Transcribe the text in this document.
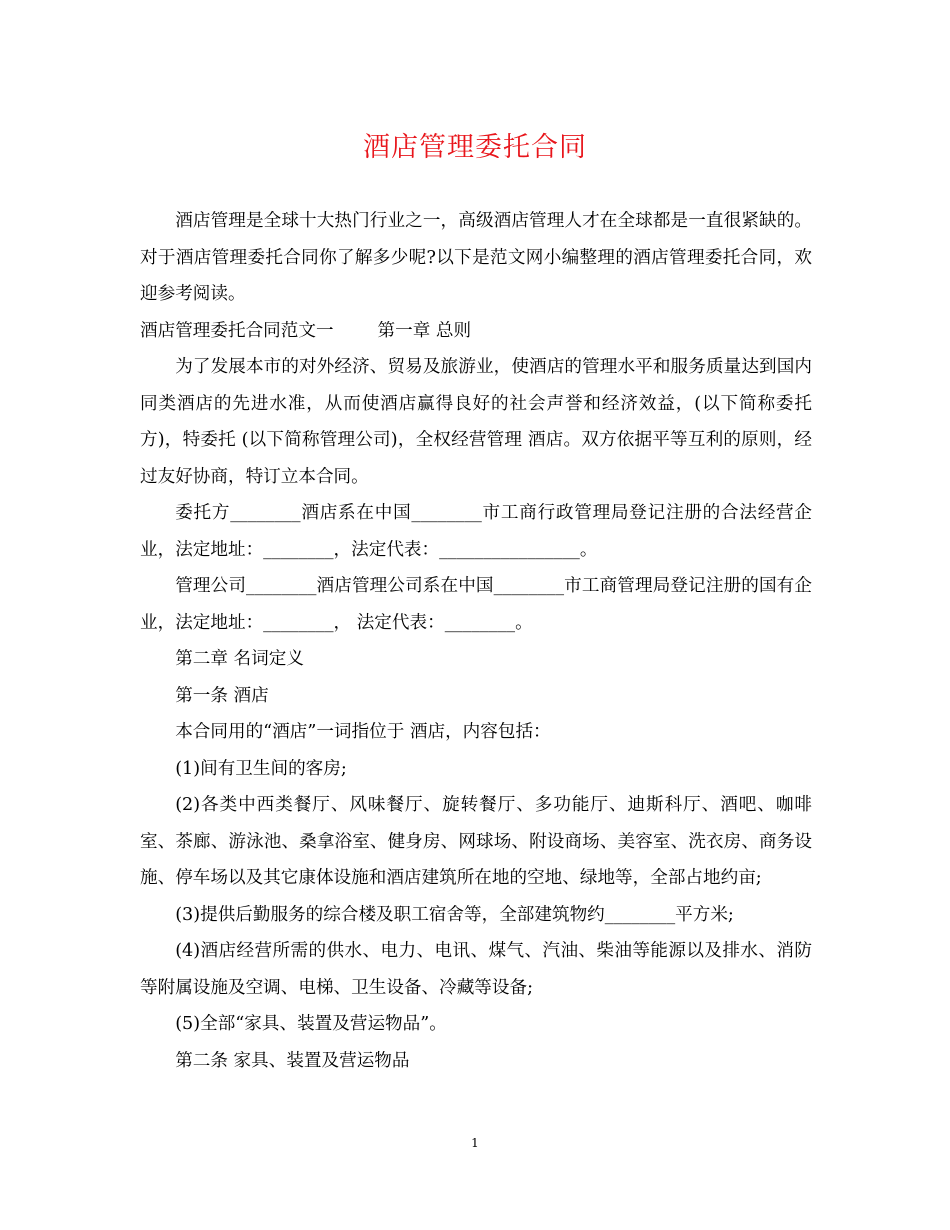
酒店管理委托合同

酒店管理是全球十大热门行业之一，高级酒店管理人才在全球都是一直很紧缺的。对于酒店管理委托合同你了解多少呢?以下是范文网小编整理的酒店管理委托合同，欢迎参考阅读。

酒店管理委托合同范文一	第一章 总则

为了发展本市的对外经济、贸易及旅游业，使酒店的管理水平和服务质量达到国内同类酒店的先进水准，从而使酒店赢得良好的社会声誉和经济效益，(以下简称委托方)，特委托 (以下简称管理公司)，全权经营管理 酒店。双方依据平等互利的原则，经过友好协商，特订立本合同。

委托方________酒店系在中国________市工商行政管理局登记注册的合法经营企业，法定地址：________，法定代表：________________。

管理公司________酒店管理公司系在中国________市工商管理局登记注册的国有企业，法定地址：________， 法定代表：________。

第二章 名词定义

第一条 酒店

本合同用的“酒店”一词指位于 酒店，内容包括：

(1)间有卫生间的客房;

(2)各类中西类餐厅、风味餐厅、旋转餐厅、多功能厅、迪斯科厅、酒吧、咖啡室、茶廊、游泳池、桑拿浴室、健身房、网球场、附设商场、美容室、洗衣房、商务设施、停车场以及其它康体设施和酒店建筑所在地的空地、绿地等，全部占地约亩;

(3)提供后勤服务的综合楼及职工宿舍等，全部建筑物约________平方米;

(4)酒店经营所需的供水、电力、电讯、煤气、汽油、柴油等能源以及排水、消防等附属设施及空调、电梯、卫生设备、冷藏等设备;

(5)全部“家具、装置及营运物品”。

第二条 家具、装置及营运物品

1
